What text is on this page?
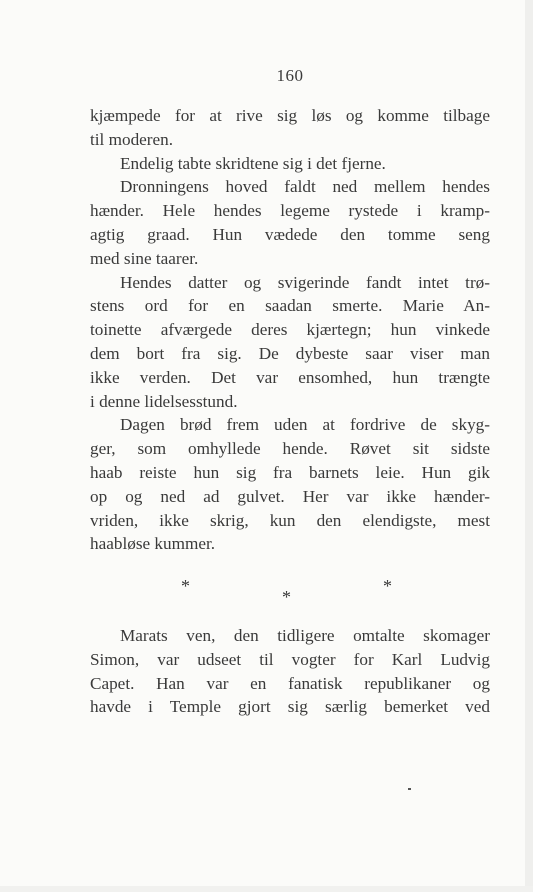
160
kjæmpede for at rive sig løs og komme tilbage
til moderen.
Endelig tabte skridtene sig i det fjerne.
Dronningens hoved faldt ned mellem hendes
hænder. Hele hendes legeme rystede i kramp-
agtig graad. Hun vædede den tomme seng
med sine taarer.
Hendes datter og svigerinde fandt intet trø-
stens ord for en saadan smerte. Marie An-
toinette afværgede deres kjærtegn; hun vinkede
dem bort fra sig. De dybeste saar viser man
ikke verden. Det var ensomhed, hun trængte
i denne lidelsesstund.
Dagen brød frem uden at fordrive de skyg-
ger, som omhyllede hende. Røvet sit sidste
haab reiste hun sig fra barnets leie. Hun gik
op og ned ad gulvet. Her var ikke hænder-
vriden, ikke skrig, kun den elendigste, mest
haabløse kummer.
*
*
*
Marats ven, den tidligere omtalte skomager
Simon, var udseet til vogter for Karl Ludvig
Capet. Han var en fanatisk republikaner og
havde i Temple gjort sig særlig bemerket ved
